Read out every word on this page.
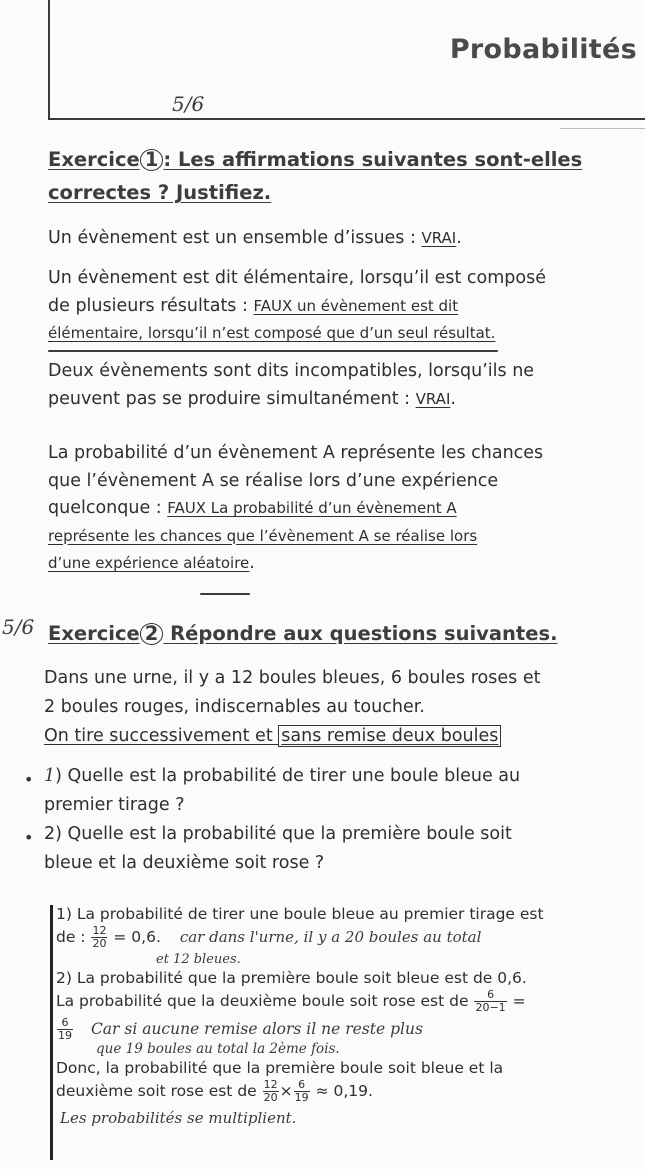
Probabilités
5/6
Exercice 1 : Les affirmations suivantes sont-elles
correctes ? Justifiez.
Un évènement est un ensemble d’issues : VRAI.
Un évènement est dit élémentaire, lorsqu’il est composé
de plusieurs résultats : FAUX un évènement est dit
élémentaire, lorsqu’il n’est composé que d’un seul résultat.
Deux évènements sont dits incompatibles, lorsqu’ils ne
peuvent pas se produire simultanément : VRAI.
La probabilité d’un évènement A représente les chances
que l’évènement A se réalise lors d’une expérience
quelconque : FAUX La probabilité d’un évènement A
représente les chances que l’évènement A se réalise lors
d’une expérience aléatoire.
5/6 Exercice 2 Répondre aux questions suivantes.
Dans une urne, il y a 12 boules bleues, 6 boules roses et
2 boules rouges, indiscernables au toucher.
On tire successivement et sans remise deux boules
• 1) Quelle est la probabilité de tirer une boule bleue au
premier tirage ?
• 2) Quelle est la probabilité que la première boule soit
bleue et la deuxième soit rose ?
1) La probabilité de tirer une boule bleue au premier tirage est
de : $\frac{12}{20} = 0,6$. car dans l'urne, il y a 20 boules au total
et 12 bleues.
2) La probabilité que la première boule soit bleue est de 0,6.
La probabilité que la deuxième boule soit rose est de $\frac{6}{20-1}$ =
$\frac{6}{19}$ Car si aucune remise alors il ne reste plus
que 19 boules au total la 2ème fois.
Donc, la probabilité que la première boule soit bleue et la
deuxième soit rose est de $\frac{12}{20} \times \frac{6}{19} \approx 0,19$.
Les probabilités se multiplient.
